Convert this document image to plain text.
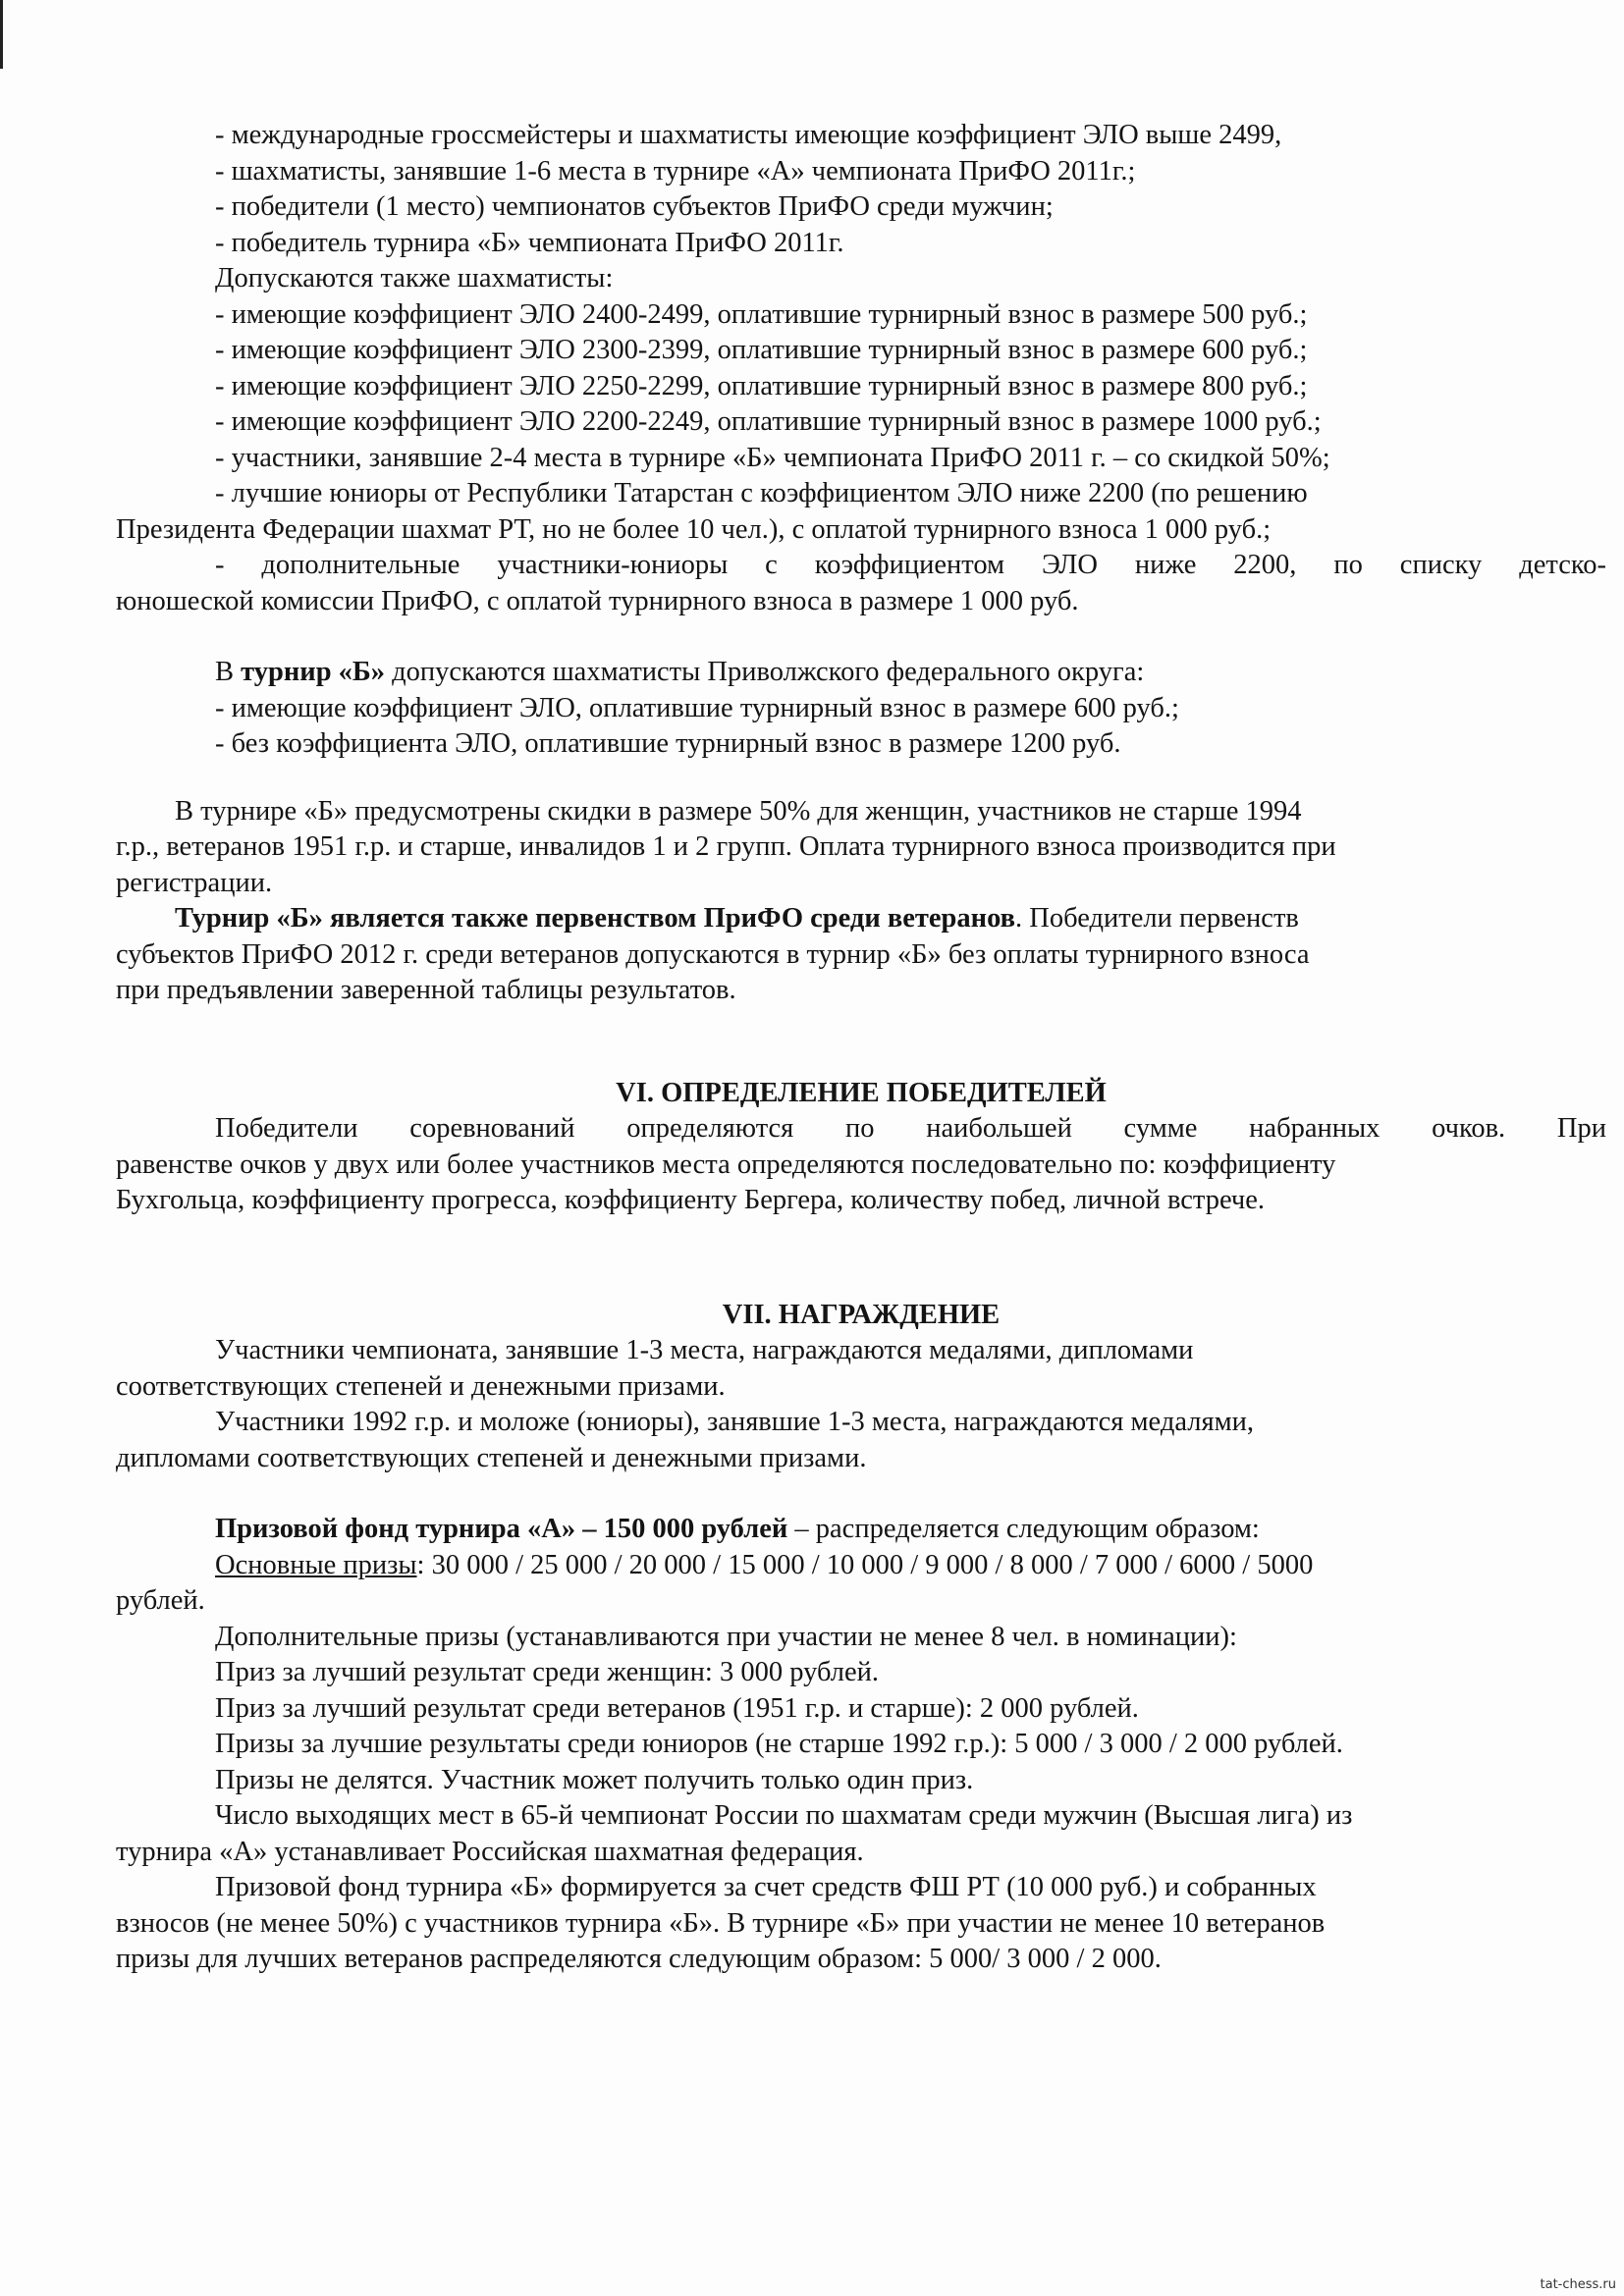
- международные гроссмейстеры и шахматисты имеющие коэффициент ЭЛО выше 2499,
- шахматисты, занявшие 1-6 места в турнире «А» чемпионата ПриФО 2011г.;
- победители (1 место) чемпионатов субъектов ПриФО среди мужчин;
- победитель турнира «Б» чемпионата ПриФО 2011г.
Допускаются также шахматисты:
- имеющие коэффициент ЭЛО 2400-2499, оплатившие турнирный взнос в размере 500 руб.;
- имеющие коэффициент ЭЛО 2300-2399, оплатившие турнирный взнос в размере 600 руб.;
- имеющие коэффициент ЭЛО 2250-2299, оплатившие турнирный взнос в размере 800 руб.;
- имеющие коэффициент ЭЛО 2200-2249, оплатившие турнирный взнос в размере 1000 руб.;
- участники, занявшие 2-4 места в турнире «Б» чемпионата ПриФО 2011 г. – со скидкой 50%;
- лучшие юниоры от Республики Татарстан с коэффициентом ЭЛО ниже 2200 (по решению
Президента Федерации шахмат РТ, но не более 10 чел.), с оплатой турнирного взноса 1 000 руб.;
- дополнительные участники-юниоры с коэффициентом ЭЛО ниже 2200, по списку детско-
юношеской комиссии ПриФО, с оплатой турнирного взноса в размере 1 000 руб.
В турнир «Б» допускаются шахматисты Приволжского федерального округа:
- имеющие коэффициент ЭЛО, оплатившие турнирный взнос в размере 600 руб.;
- без коэффициента ЭЛО, оплатившие турнирный взнос в размере 1200 руб.
В турнире «Б» предусмотрены скидки в размере 50% для женщин, участников не старше 1994
г.р., ветеранов 1951 г.р. и старше, инвалидов 1 и 2 групп. Оплата турнирного взноса производится при
регистрации.
Турнир «Б» является также первенством ПриФО среди ветеранов. Победители первенств
субъектов ПриФО 2012 г. среди ветеранов допускаются в турнир «Б» без оплаты турнирного взноса
при предъявлении заверенной таблицы результатов.
VI. ОПРЕДЕЛЕНИЕ ПОБЕДИТЕЛЕЙ
Победители соревнований определяются по наибольшей сумме набранных очков. При
равенстве очков у двух или более участников места определяются последовательно по: коэффициенту
Бухгольца, коэффициенту прогресса, коэффициенту Бергера, количеству побед, личной встрече.
VII. НАГРАЖДЕНИЕ
Участники чемпионата, занявшие 1-3 места, награждаются медалями, дипломами
соответствующих степеней и денежными призами.
Участники 1992 г.р. и моложе (юниоры), занявшие 1-3 места, награждаются медалями,
дипломами соответствующих степеней и денежными призами.
Призовой фонд турнира «А» – 150 000 рублей – распределяется следующим образом:
Основные призы: 30 000 / 25 000 / 20 000 / 15 000 / 10 000 / 9 000 / 8 000 / 7 000 / 6000 / 5000
рублей.
Дополнительные призы (устанавливаются при участии не менее 8 чел. в номинации):
Приз за лучший результат среди женщин: 3 000 рублей.
Приз за лучший результат среди ветеранов (1951 г.р. и старше): 2 000 рублей.
Призы за лучшие результаты среди юниоров (не старше 1992 г.р.): 5 000 / 3 000 / 2 000 рублей.
Призы не делятся. Участник может получить только один приз.
Число выходящих мест в 65-й чемпионат России по шахматам среди мужчин (Высшая лига) из
турнира «А» устанавливает Российская шахматная федерация.
Призовой фонд турнира «Б» формируется за счет средств ФШ РТ (10 000 руб.) и собранных
взносов (не менее 50%) с участников турнира «Б». В турнире «Б» при участии не менее 10 ветеранов
призы для лучших ветеранов распределяются следующим образом: 5 000/ 3 000 / 2 000.
tat-chess.ru
